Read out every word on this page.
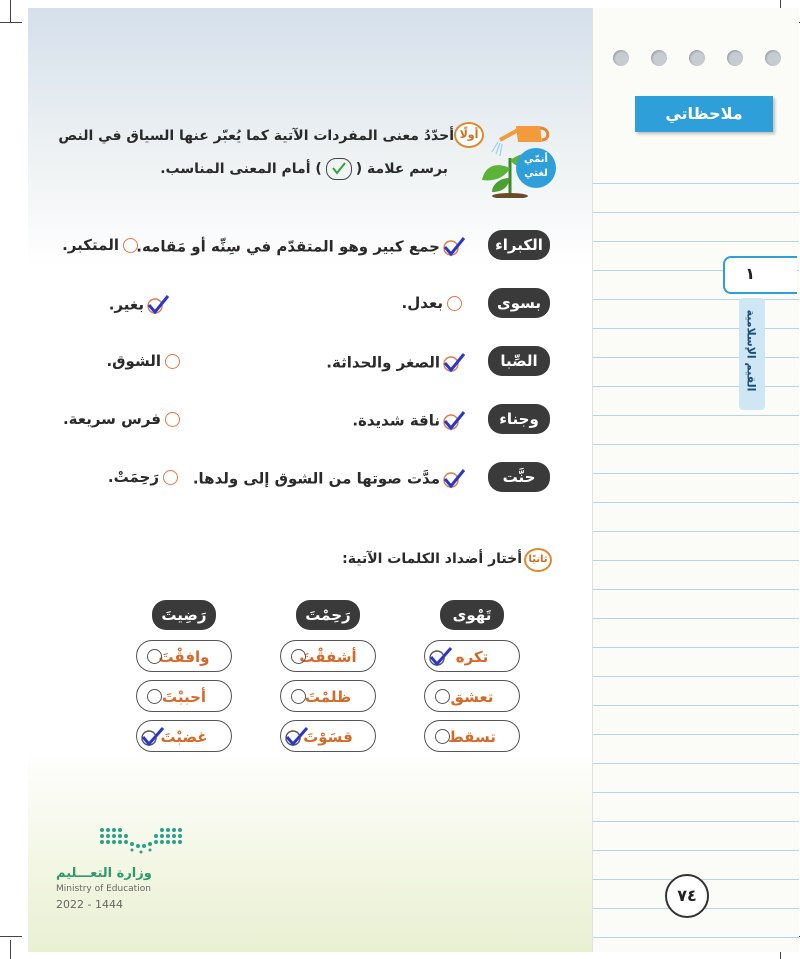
ملاحظاتي
١
القيم الإسلامية
٧٤
أولًا
أحدّدُ معنى المفردات الآتية كما يُعبّر عنها السياق في النص
برسم علامة (
) أمام المعنى المناسب.
أنمّي لغتي
الكبراء
جمع كبير وهو المتقدّم في سِنِّه أو مَقامه.
المتكبر.
بسوى
بعدل.
بغير.
الصِّبا
الصغر والحداثة.
الشوق.
وجناء
ناقة شديدة.
فرس سريعة.
حنَّت
مدَّت صوتها من الشوق إلى ولدها.
رَحِمَتْ.
ثانيًا
أختار أضداد الكلمات الآتية:
تَهْوى
رَحِمْتَ
رَضِيتَ
تكره
تعشق
تسقط
أشفقْتَ
ظلمْتَ
قسَوْتَ
وافقْتَ
أحببْتَ
غضبْتَ
وزارة التعـــليم
Ministry of Education
2022 - 1444
